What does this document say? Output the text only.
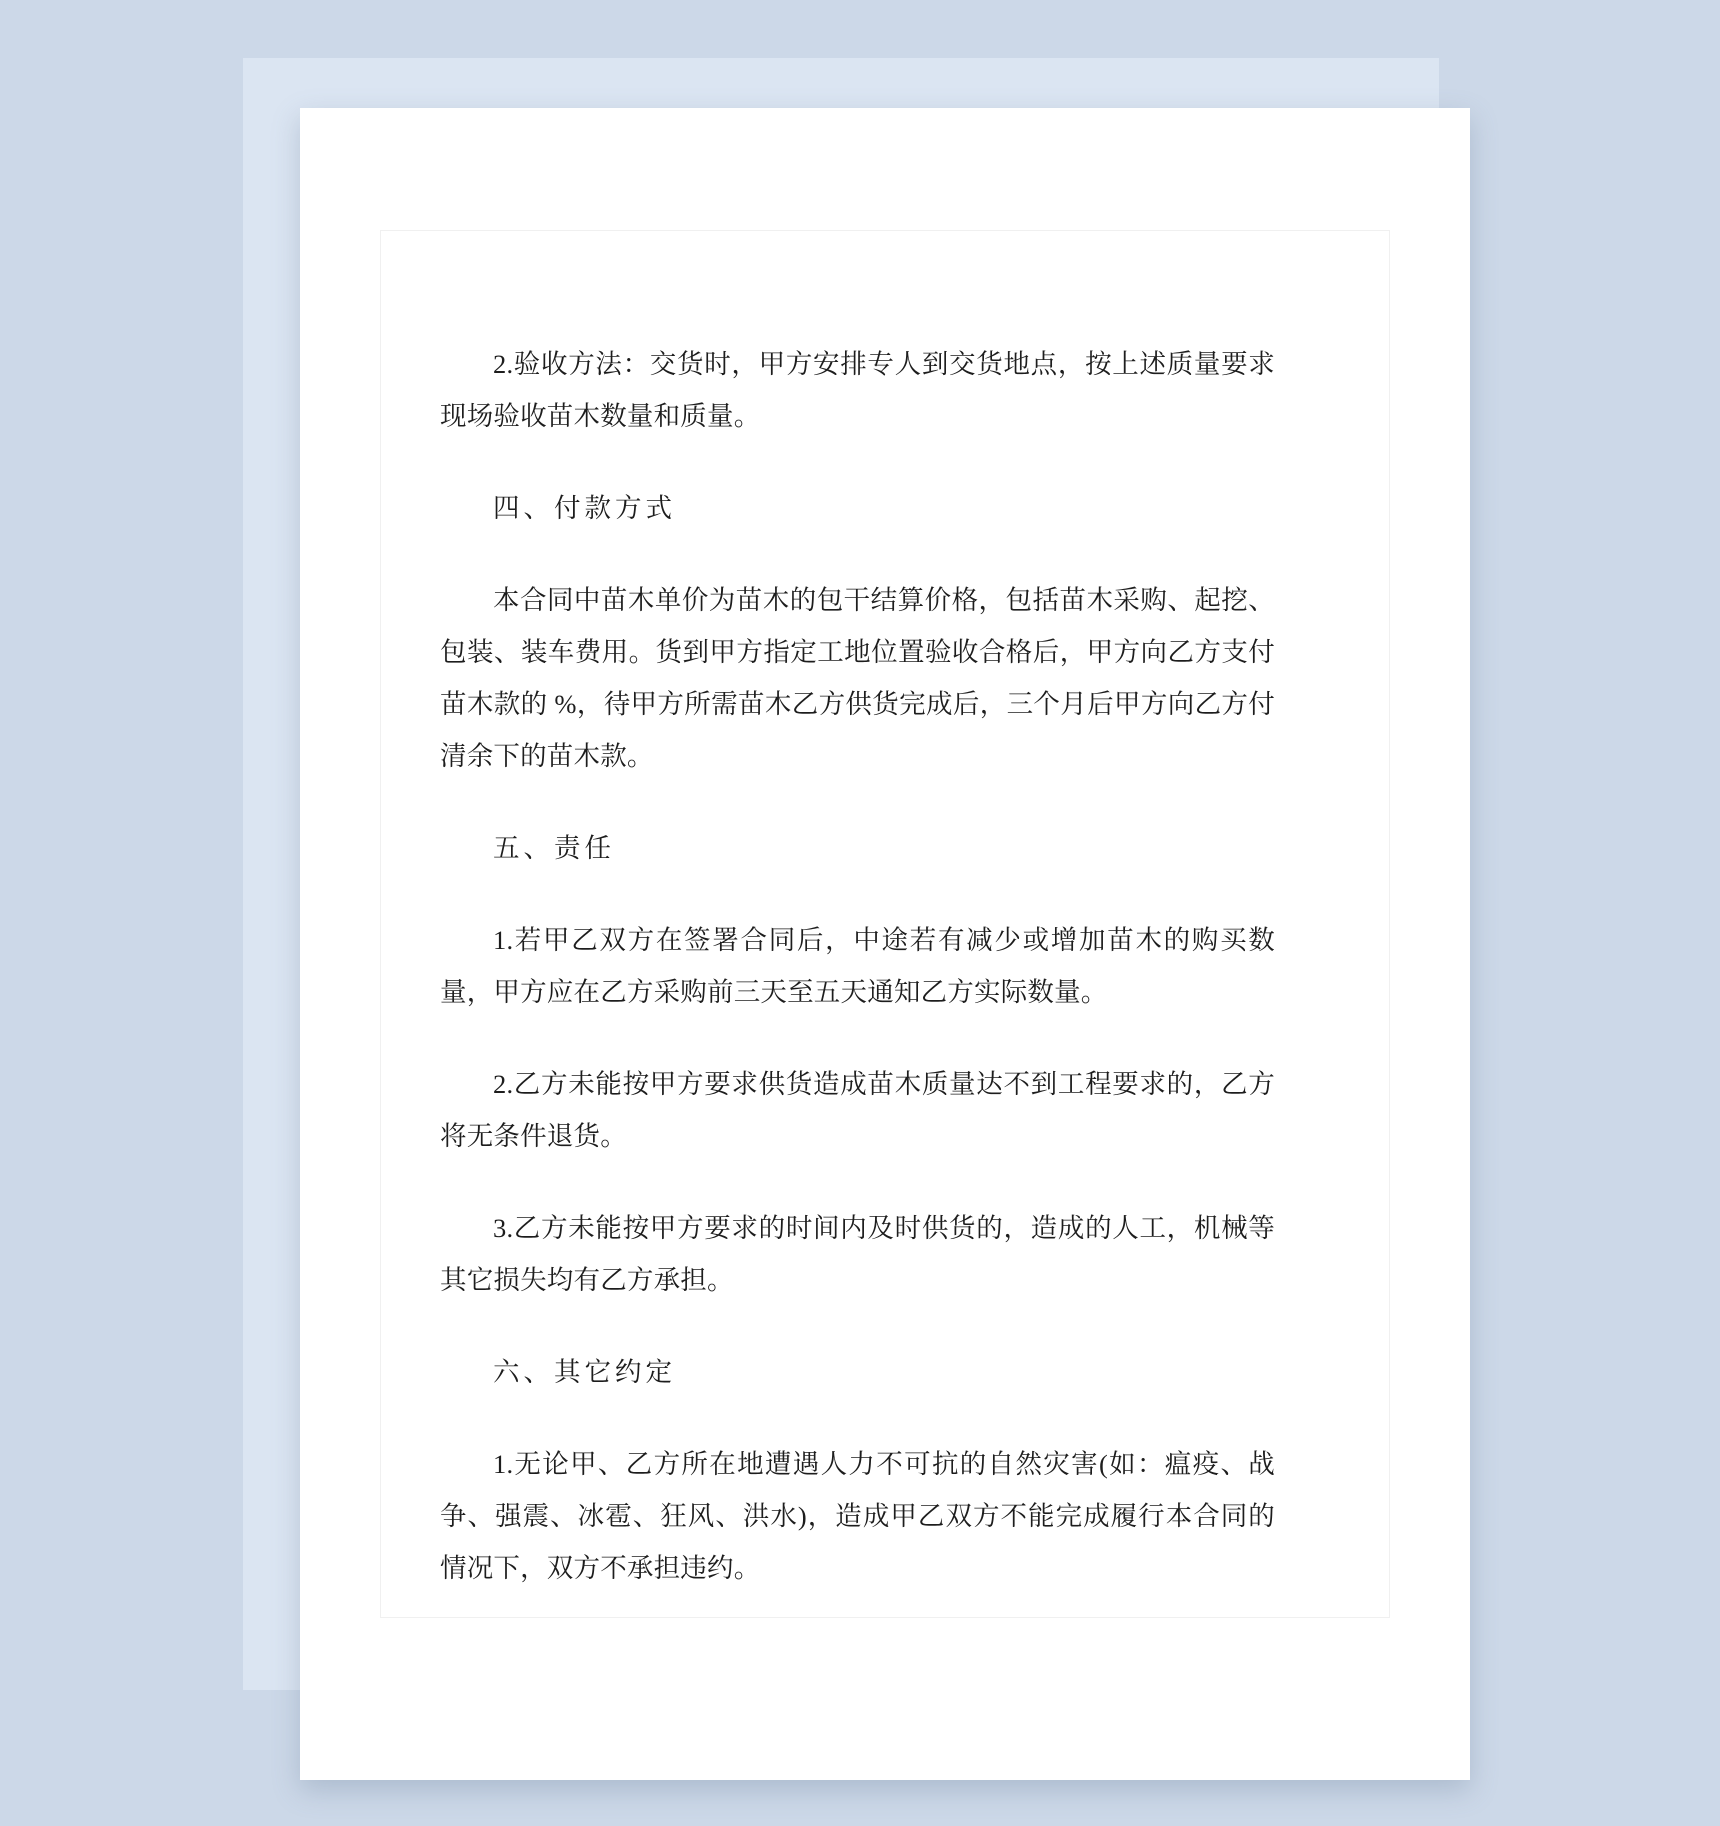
2.验收方法：交货时，甲方安排专人到交货地点，按上述质量要求现场验收苗木数量和质量。

四、付款方式

本合同中苗木单价为苗木的包干结算价格，包括苗木采购、起挖、包装、装车费用。货到甲方指定工地位置验收合格后，甲方向乙方支付苗木款的 %，待甲方所需苗木乙方供货完成后，三个月后甲方向乙方付清余下的苗木款。

五、责任

1.若甲乙双方在签署合同后，中途若有减少或增加苗木的购买数量，甲方应在乙方采购前三天至五天通知乙方实际数量。

2.乙方未能按甲方要求供货造成苗木质量达不到工程要求的，乙方将无条件退货。

3.乙方未能按甲方要求的时间内及时供货的，造成的人工，机械等其它损失均有乙方承担。

六、其它约定

1.无论甲、乙方所在地遭遇人力不可抗的自然灾害(如：瘟疫、战争、强震、冰雹、狂风、洪水)，造成甲乙双方不能完成履行本合同的情况下，双方不承担违约。
